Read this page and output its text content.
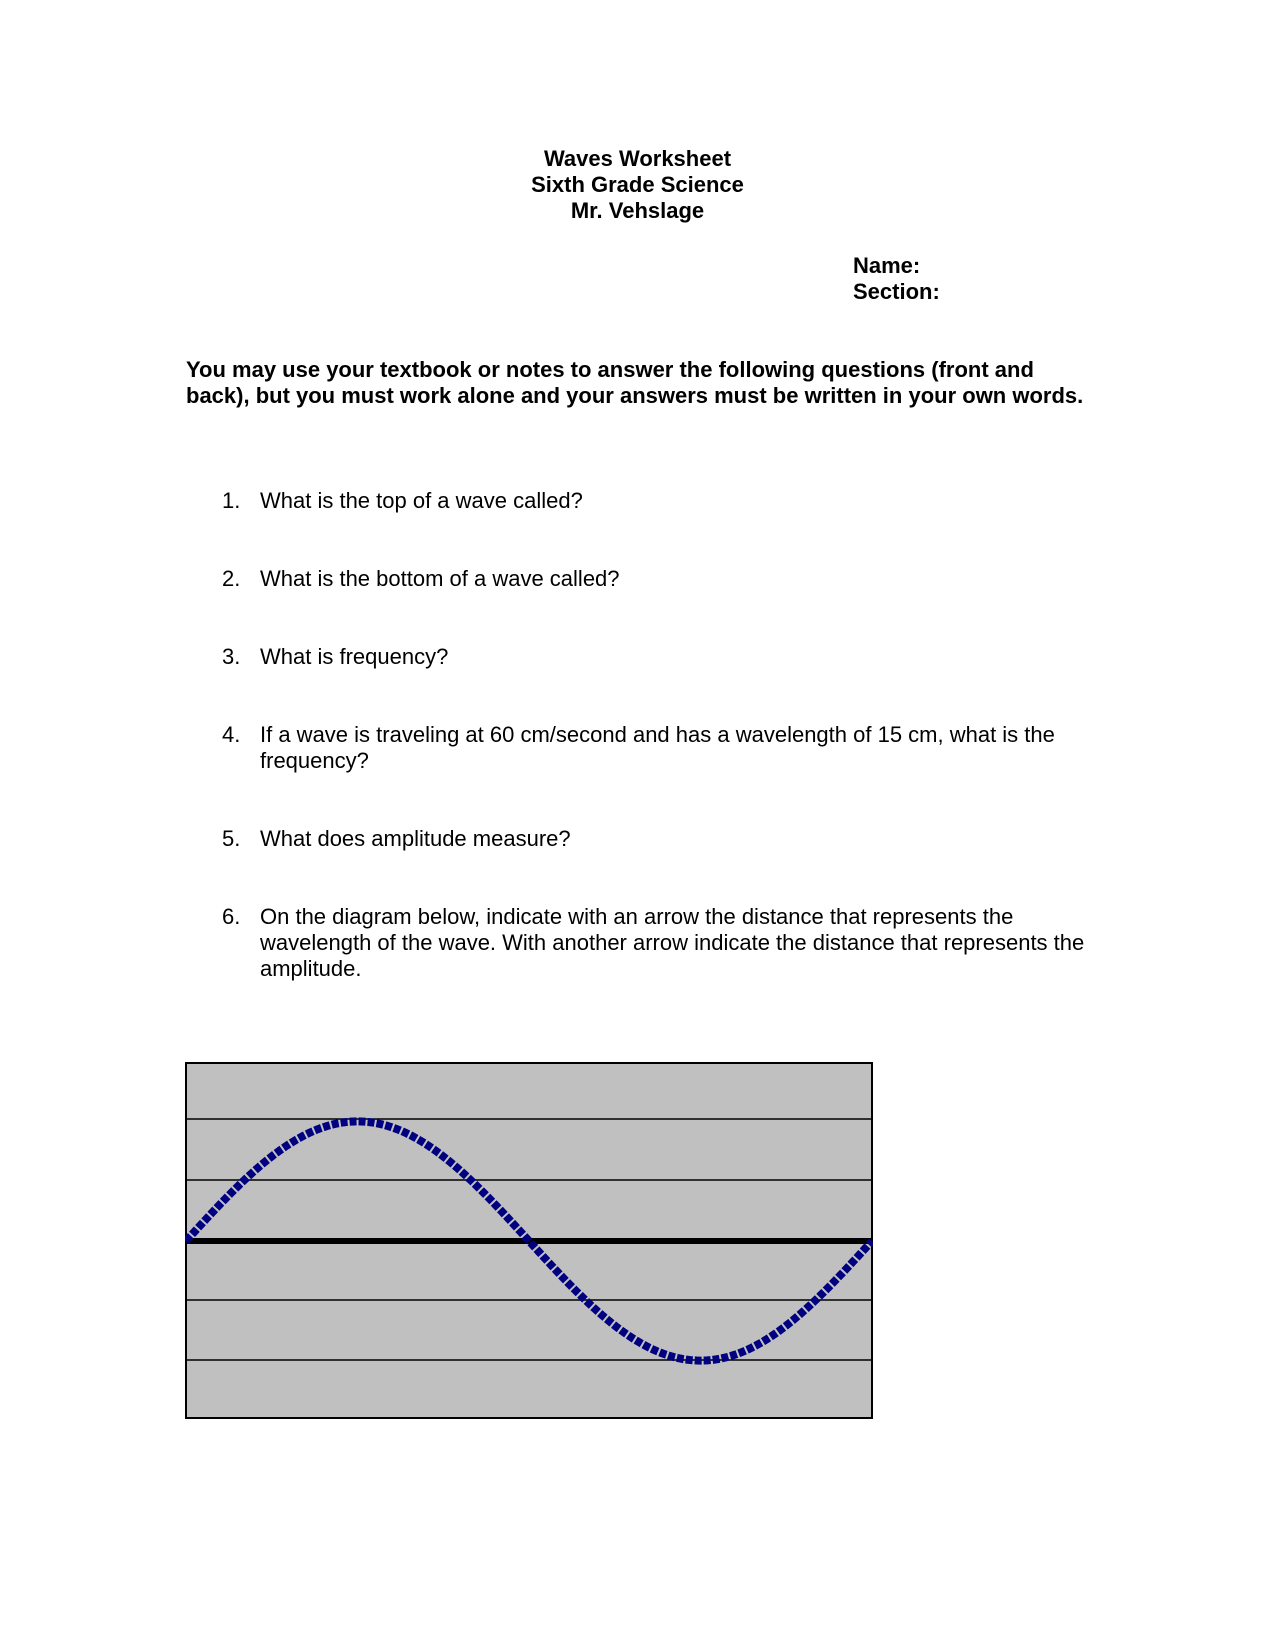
Waves Worksheet
Sixth Grade Science
Mr. Vehslage
Name:
Section:
You may use your textbook or notes to answer the following questions (front and back), but you must work alone and your answers must be written in your own words.
1. What is the top of a wave called?
2. What is the bottom of a wave called?
3. What is frequency?
4. If a wave is traveling at 60 cm/second and has a wavelength of 15 cm, what is the frequency?
5. What does amplitude measure?
6. On the diagram below, indicate with an arrow the distance that represents the wavelength of the wave. With another arrow indicate the distance that represents the amplitude.
